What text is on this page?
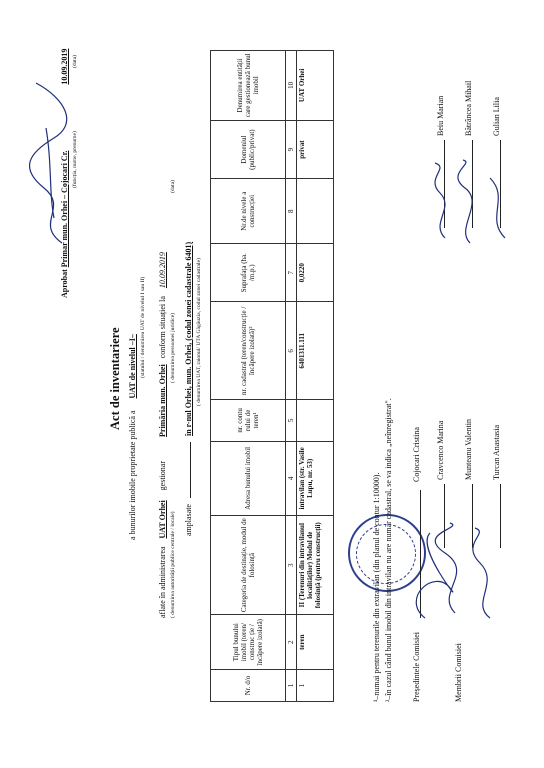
Aprobat Primar mun. Orhei – Cojocari Cr. 10.09.2019
(funcția, nume, prenume)
(data)
Act de inventariere
a bunurilor imobile proprietate publică a UAT de nivelul –I– (statului / denumirea UAT de nivelul I sau II)
aflate în administrarea UAT Orhei gestionar Primăria mun. Orhei conform situației la 10.09.2019
( denumirea autorității publice centrale / locale)
( denumirea persoanei juridice)
(data)
amplasate  în r-nul Orhei, mun. Orhei, (codul zonei cadastrale 6401) ( denumirea UAT, raionul/ UTA Găgăuzia, codul zonei cadastrale)
Nr. d/o	Tipul bunului imobil (teren/ construc ție /încăpere izolată)	Categoria de destinație, modul de folosință	Adresa bunului imobil	nr. contu rului de teren¹	nr. cadastral (teren/construcție /încăpere izolată)²	Suprafața (ha. /m.p.)	Nr.de nivele a construcției	Domeniul (public/privat)	Denumirea entității care gestionează bunul imobil
1	2	3	4	5	6	7	8	9	10
1	teren	II (Terenuri din intravilanul localităților) Modul de folosință (pentru construcții)	intravilan (str. Vasile Lupu, nr. 53)		6401311.111	0,0220		privat	UAT Orhei
¹–numai pentru terenurile din extravilan (din planul de contur 1:10000). ²–în cazul când bunul imobil din intravilan nu are număr cadastral, se va indica „neînregistrat". Președintele Comisiei
Cojocari Cristina
Membrii Comisiei
Cravcenco Marina Munteanu Valentin Turcan Anastasia
Beiu Marian Bătrâncea Mihail Gulian Lilia
